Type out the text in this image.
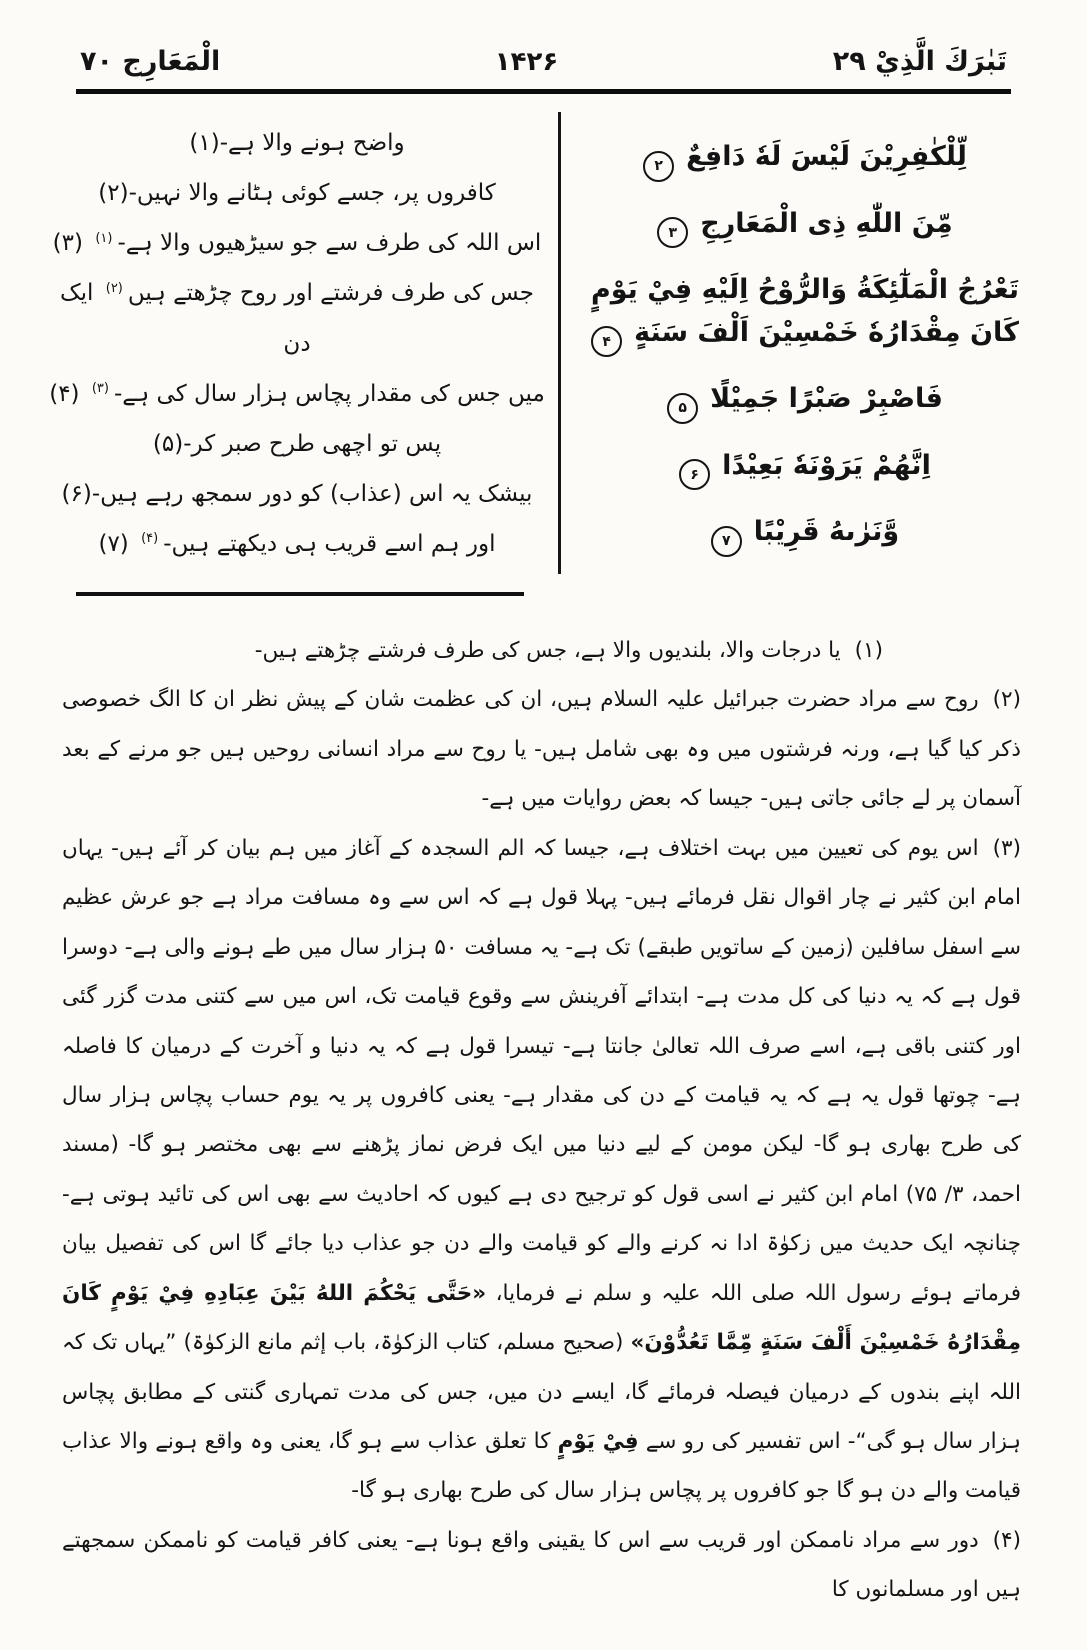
تَبٰرَكَ الَّذِيْ ۲۹
۱۴۲۶
الْمَعَارِج ۷۰
لِّلْكٰفِرِيْنَ لَيْسَ لَهٗ دَافِعٌ۲
مِّنَ اللّٰهِ ذِى الْمَعَارِجِ۳
تَعْرُجُ الْمَلٰٓئِكَةُ وَالرُّوْحُ اِلَيْهِ فِيْ يَوْمٍ كَانَ مِقْدَارُهٗ خَمْسِيْنَ اَلْفَ سَنَةٍ۴
فَاصْبِرْ صَبْرًا جَمِيْلًا۵
اِنَّهُمْ يَرَوْنَهٗ بَعِيْدًا۶
وَّنَرٰىهُ قَرِيْبًا۷
واضح ہونے والا ہے-(۱)
کافروں پر، جسے کوئی ہٹانے والا نہیں-(۲)
اس اللہ کی طرف سے جو سیڑھیوں والا ہے-$^{(۱)}$ (۳)
جس کی طرف فرشتے اور روح چڑھتے ہیں$^{(۲)}$ ایک دن
میں جس کی مقدار پچاس ہزار سال کی ہے-$^{(۳)}$ (۴)
پس تو اچھی طرح صبر کر-(۵)
بیشک یہ اس (عذاب) کو دور سمجھ رہے ہیں-(۶)
اور ہم اسے قریب ہی دیکھتے ہیں-$^{(۴)}$ (۷)

(۱)یا درجات والا، بلندیوں والا ہے، جس کی طرف فرشتے چڑھتے ہیں-

(۲)روح سے مراد حضرت جبرائیل علیہ السلام ہیں، ان کی عظمت شان کے پیش نظر ان کا الگ خصوصی ذکر کیا گیا ہے، ورنہ فرشتوں میں وہ بھی شامل ہیں- یا روح سے مراد انسانی روحیں ہیں جو مرنے کے بعد آسمان پر لے جائی جاتی ہیں- جیسا کہ بعض روایات میں ہے-

(۳)اس یوم کی تعیین میں بہت اختلاف ہے، جیسا کہ الم السجدہ کے آغاز میں ہم بیان کر آئے ہیں- یہاں امام ابن کثیر نے چار اقوال نقل فرمائے ہیں- پہلا قول ہے کہ اس سے وہ مسافت مراد ہے جو عرش عظیم سے اسفل سافلین (زمین کے ساتویں طبقے) تک ہے- یہ مسافت ۵۰ ہزار سال میں طے ہونے والی ہے- دوسرا قول ہے کہ یہ دنیا کی کل مدت ہے- ابتدائے آفرینش سے وقوع قیامت تک، اس میں سے کتنی مدت گزر گئی اور کتنی باقی ہے، اسے صرف اللہ تعالیٰ جانتا ہے- تیسرا قول ہے کہ یہ دنیا و آخرت کے درمیان کا فاصلہ ہے- چوتھا قول یہ ہے کہ یہ قیامت کے دن کی مقدار ہے- یعنی کافروں پر یہ یوم حساب پچاس ہزار سال کی طرح بھاری ہو گا- لیکن مومن کے لیے دنیا میں ایک فرض نماز پڑھنے سے بھی مختصر ہو گا- (مسند احمد، ۳/ ۷۵) امام ابن کثیر نے اسی قول کو ترجیح دی ہے کیوں کہ احادیث سے بھی اس کی تائید ہوتی ہے- چنانچہ ایک حدیث میں زکوٰۃ ادا نہ کرنے والے کو قیامت والے دن جو عذاب دیا جائے گا اس کی تفصیل بیان فرماتے ہوئے رسول اللہ صلی اللہ علیہ و سلم نے فرمایا، «حَتَّى يَحْكُمَ اللهُ بَيْنَ عِبَادِهِ فِيْ يَوْمٍ كَانَ مِقْدَارُهُ خَمْسِيْنَ أَلْفَ سَنَةٍ مِّمَّا تَعُدُّوْنَ» (صحیح مسلم، کتاب الزکوٰۃ، باب إثم مانع الزکوٰۃ) ”یہاں تک کہ اللہ اپنے بندوں کے درمیان فیصلہ فرمائے گا، ایسے دن میں، جس کی مدت تمہاری گنتی کے مطابق پچاس ہزار سال ہو گی“- اس تفسیر کی رو سے فِيْ يَوْمٍ کا تعلق عذاب سے ہو گا، یعنی وہ واقع ہونے والا عذاب قیامت والے دن ہو گا جو کافروں پر پچاس ہزار سال کی طرح بھاری ہو گا-

(۴)دور سے مراد ناممکن اور قریب سے اس کا یقینی واقع ہونا ہے- یعنی کافر قیامت کو ناممکن سمجھتے ہیں اور مسلمانوں کا
